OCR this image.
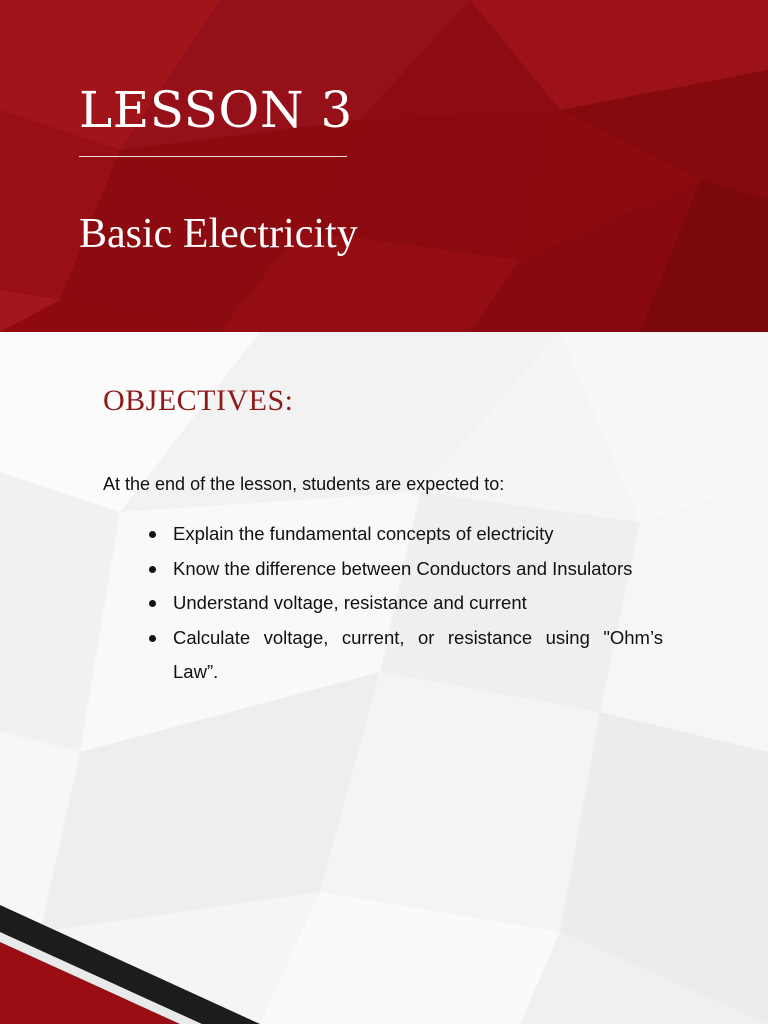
LESSON 3
Basic Electricity
OBJECTIVES:

At the end of the lesson, students are expected to:

Explain the fundamental concepts of electricity
Know the difference between Conductors and Insulators
Understand voltage, resistance and current
Calculate voltage, current, or resistance using "Ohm’s Law”.
